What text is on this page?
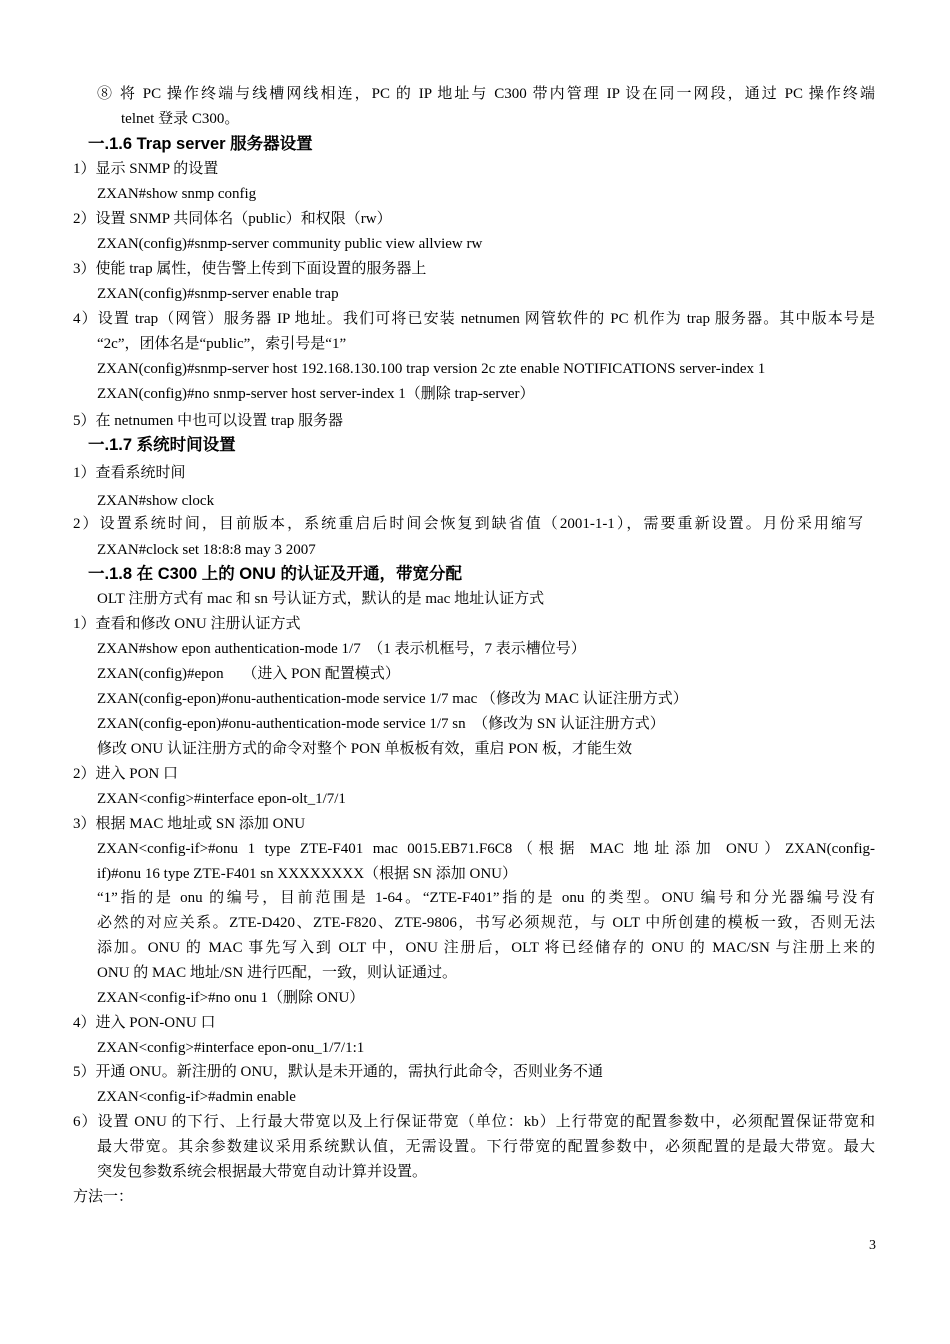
⑧ 将 PC 操作终端与线槽网线相连，PC 的 IP 地址与 C300 带内管理 IP 设在同一网段，通过 PC 操作终端
telnet 登录 C300。
一.1.6 Trap server 服务器设置
1）显示 SNMP 的设置
ZXAN#show snmp config
2）设置 SNMP 共同体名（public）和权限（rw）
ZXAN(config)#snmp-server community public view allview rw
3）使能 trap 属性，使告警上传到下面设置的服务器上
ZXAN(config)#snmp-server enable trap
4）设置 trap（网管）服务器 IP 地址。我们可将已安装 netnumen 网管软件的 PC 机作为 trap 服务器。其中版本号是
“2c”，团体名是“public”，索引号是“1”
ZXAN(config)#snmp-server host 192.168.130.100 trap version 2c zte enable NOTIFICATIONS server-index 1
ZXAN(config)#no snmp-server host server-index 1（删除 trap-server）
5）在 netnumen 中也可以设置 trap 服务器
一.1.7 系统时间设置
1）查看系统时间
ZXAN#show clock
2）设置系统时间，目前版本，系统重启后时间会恢复到缺省值（2001-1-1），需要重新设置。月份采用缩写
ZXAN#clock set 18:8:8 may 3 2007
一.1.8 在 C300 上的 ONU 的认证及开通，带宽分配
OLT 注册方式有 mac 和 sn 号认证方式，默认的是 mac 地址认证方式
1）查看和修改 ONU 注册认证方式
ZXAN#show epon authentication-mode 1/7　（1 表示机框号，7 表示槽位号）
ZXAN(config)#epon　 （进入 PON 配置模式）
ZXAN(config-epon)#onu-authentication-mode service 1/7 mac （修改为 MAC 认证注册方式）
ZXAN(config-epon)#onu-authentication-mode service 1/7 sn　（修改为 SN 认证注册方式）
修改 ONU 认证注册方式的命令对整个 PON 单板板有效，重启 PON 板，才能生效
2）进入 PON 口
ZXAN<config>#interface epon-olt_1/7/1
3）根据 MAC 地址或 SN 添加 ONU
ZXAN<config-if>#onu 1 type ZTE-F401 mac 0015.EB71.F6C8（根据 MAC 地址添加 ONU）ZXAN(config-
if)#onu 16 type ZTE-F401 sn XXXXXXXX（根据 SN 添加 ONU）
“1”指的是 onu 的编号，目前范围是 1-64。“ZTE-F401”指的是 onu 的类型。ONU 编号和分光器编号没有
必然的对应关系。ZTE-D420、ZTE-F820、ZTE-9806，书写必须规范，与 OLT 中所创建的模板一致，否则无法
添加。ONU 的 MAC 事先写入到 OLT 中，ONU 注册后，OLT 将已经储存的 ONU 的 MAC/SN 与注册上来的
ONU 的 MAC 地址/SN 进行匹配，一致，则认证通过。
ZXAN<config-if>#no onu 1（删除 ONU）
4）进入 PON-ONU 口
ZXAN<config>#interface epon-onu_1/7/1:1
5）开通 ONU。新注册的 ONU，默认是未开通的，需执行此命令，否则业务不通
ZXAN<config-if>#admin enable
6）设置 ONU 的下行、上行最大带宽以及上行保证带宽（单位：kb）上行带宽的配置参数中，必须配置保证带宽和
最大带宽。其余参数建议采用系统默认值，无需设置。下行带宽的配置参数中，必须配置的是最大带宽。最大
突发包参数系统会根据最大带宽自动计算并设置。
方法一：
3
